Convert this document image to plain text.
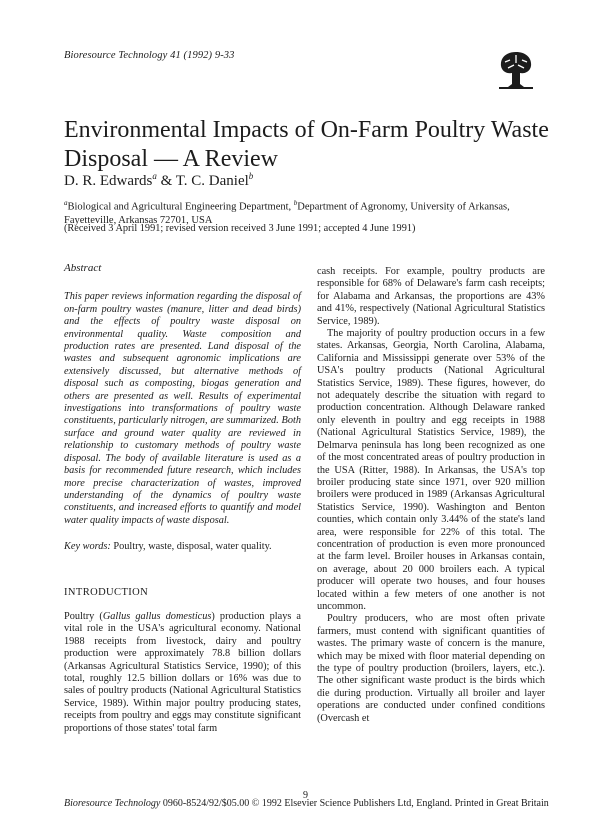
Bioresource Technology 41 (1992) 9-33
Environmental Impacts of On-Farm Poultry Waste Disposal — A Review
D. R. Edwards$^a$ & T. C. Daniel$^b$
$^a$Biological and Agricultural Engineering Department, $^b$Department of Agronomy, University of Arkansas, Fayetteville, Arkansas 72701, USA
(Received 3 April 1991; revised version received 3 June 1991; accepted 4 June 1991)
Abstract

This paper reviews information regarding the disposal of on-farm poultry wastes (manure, litter and dead birds) and the effects of poultry waste disposal on environmental quality. Waste composition and production rates are presented. Land disposal of the wastes and subsequent agronomic implications are extensively discussed, but alternative methods of disposal such as composting, biogas generation and others are presented as well. Results of experimental investigations into transformations of poultry waste constituents, particularly nitrogen, are summarized. Both surface and ground water quality are reviewed in relationship to customary methods of poultry waste disposal. The body of available literature is used as a basis for recommended future research, which includes more precise characterization of wastes, improved understanding of the dynamics of poultry waste constituents, and increased efforts to quantify and model water quality impacts of waste disposal.

Key words: Poultry, waste, disposal, water quality.

INTRODUCTION

Poultry (Gallus gallus domesticus) production plays a vital role in the USA's agricultural economy. National 1988 receipts from livestock, dairy and poultry production were approximately 78.8 billion dollars (Arkansas Agricultural Statistics Service, 1990); of this total, roughly 12.5 billion dollars or 16% was due to sales of poultry products (National Agricultural Statistics Service, 1989). Within major poultry producing states, receipts from poultry and eggs may constitute significant proportions of those states' total farm

cash receipts. For example, poultry products are responsible for 68% of Delaware's farm cash receipts; for Alabama and Arkansas, the proportions are 43% and 41%, respectively (National Agricultural Statistics Service, 1989).

The majority of poultry production occurs in a few states. Arkansas, Georgia, North Carolina, Alabama, California and Mississippi generate over 53% of the USA's poultry products (National Agricultural Statistics Service, 1989). These figures, however, do not adequately describe the situation with regard to production concentration. Although Delaware ranked only eleventh in poultry and egg receipts in 1988 (National Agricultural Statistics Service, 1989), the Delmarva peninsula has long been recognized as one of the most concentrated areas of poultry production in the USA (Ritter, 1988). In Arkansas, the USA's top broiler producing state since 1971, over 920 million broilers were produced in 1989 (Arkansas Agricultural Statistics Service, 1990). Washington and Benton counties, which contain only 3.44% of the state's land area, were responsible for 22% of this total. The concentration of production is even more pronounced at the farm level. Broiler houses in Arkansas contain, on average, about 20 000 broilers each. A typical producer will operate two houses, and four houses located within a few meters of one another is not uncommon.

Poultry producers, who are most often private farmers, must contend with significant quantities of wastes. The primary waste of concern is the manure, which may be mixed with floor material depending on the type of poultry production (broilers, layers, etc.). The other significant waste product is the birds which die during production. Virtually all broiler and layer operations are conducted under confined conditions (Overcash et

9
Bioresource Technology 0960-8524/92/$05.00 © 1992 Elsevier Science Publishers Ltd, England. Printed in Great Britain
